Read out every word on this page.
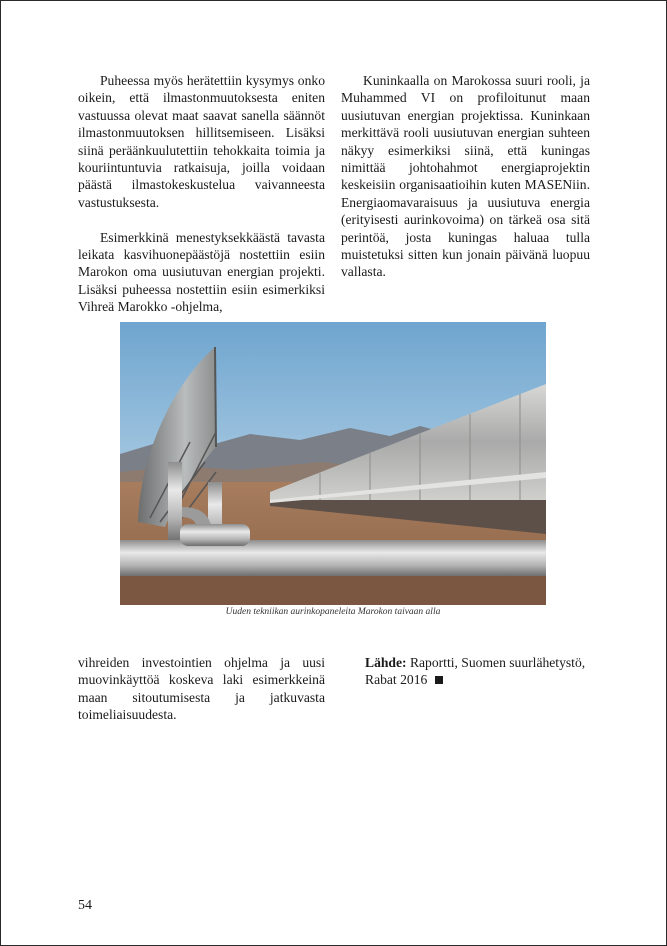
Puheessa myös herätettiin kysymys onko oikein, että ilmastonmuutoksesta eniten vastuussa olevat maat saavat sanella säännöt ilmastonmuutoksen hillitsemiseen. Lisäksi siinä peräänkuulutettiin tehokkaita toimia ja kouriintuntuvia ratkaisuja, joilla voidaan päästä ilmastokeskustelua vaivanneesta vastustuksesta.

Esimerkkinä menestyksekkäästä tavasta leikata kasvihuonepäästöjä nostettiin esiin Marokon oma uusiutuvan energian projekti. Lisäksi puheessa nostettiin esiin esimerkiksi Vihreä Marokko -ohjelma,

Kuninkaalla on Marokossa suuri rooli, ja Muhammed VI on profiloitunut maan uusiutuvan energian projektissa. Kuninkaan merkittävä rooli uusiutuvan energian suhteen näkyy esimerkiksi siinä, että kuningas nimittää johtohahmot energiaprojektin keskeisiin organisaatioihin kuten MASENiin. Energiaomavaraisuus ja uusiutuva energia (erityisesti aurinkovoima) on tärkeä osa sitä perintöä, josta kuningas haluaa tulla muistetuksi sitten kun jonain päivänä luopuu vallasta.

Uuden tekniikan aurinkopaneleita Marokon taivaan alla

vihreiden investointien ohjelma ja uusi muovinkäyttöä koskeva laki esimerkkeinä maan sitoutumisesta ja jatkuvasta toimeliaisuudesta.

Lähde: Raportti, Suomen suurlähetystö, Rabat 2016

54
